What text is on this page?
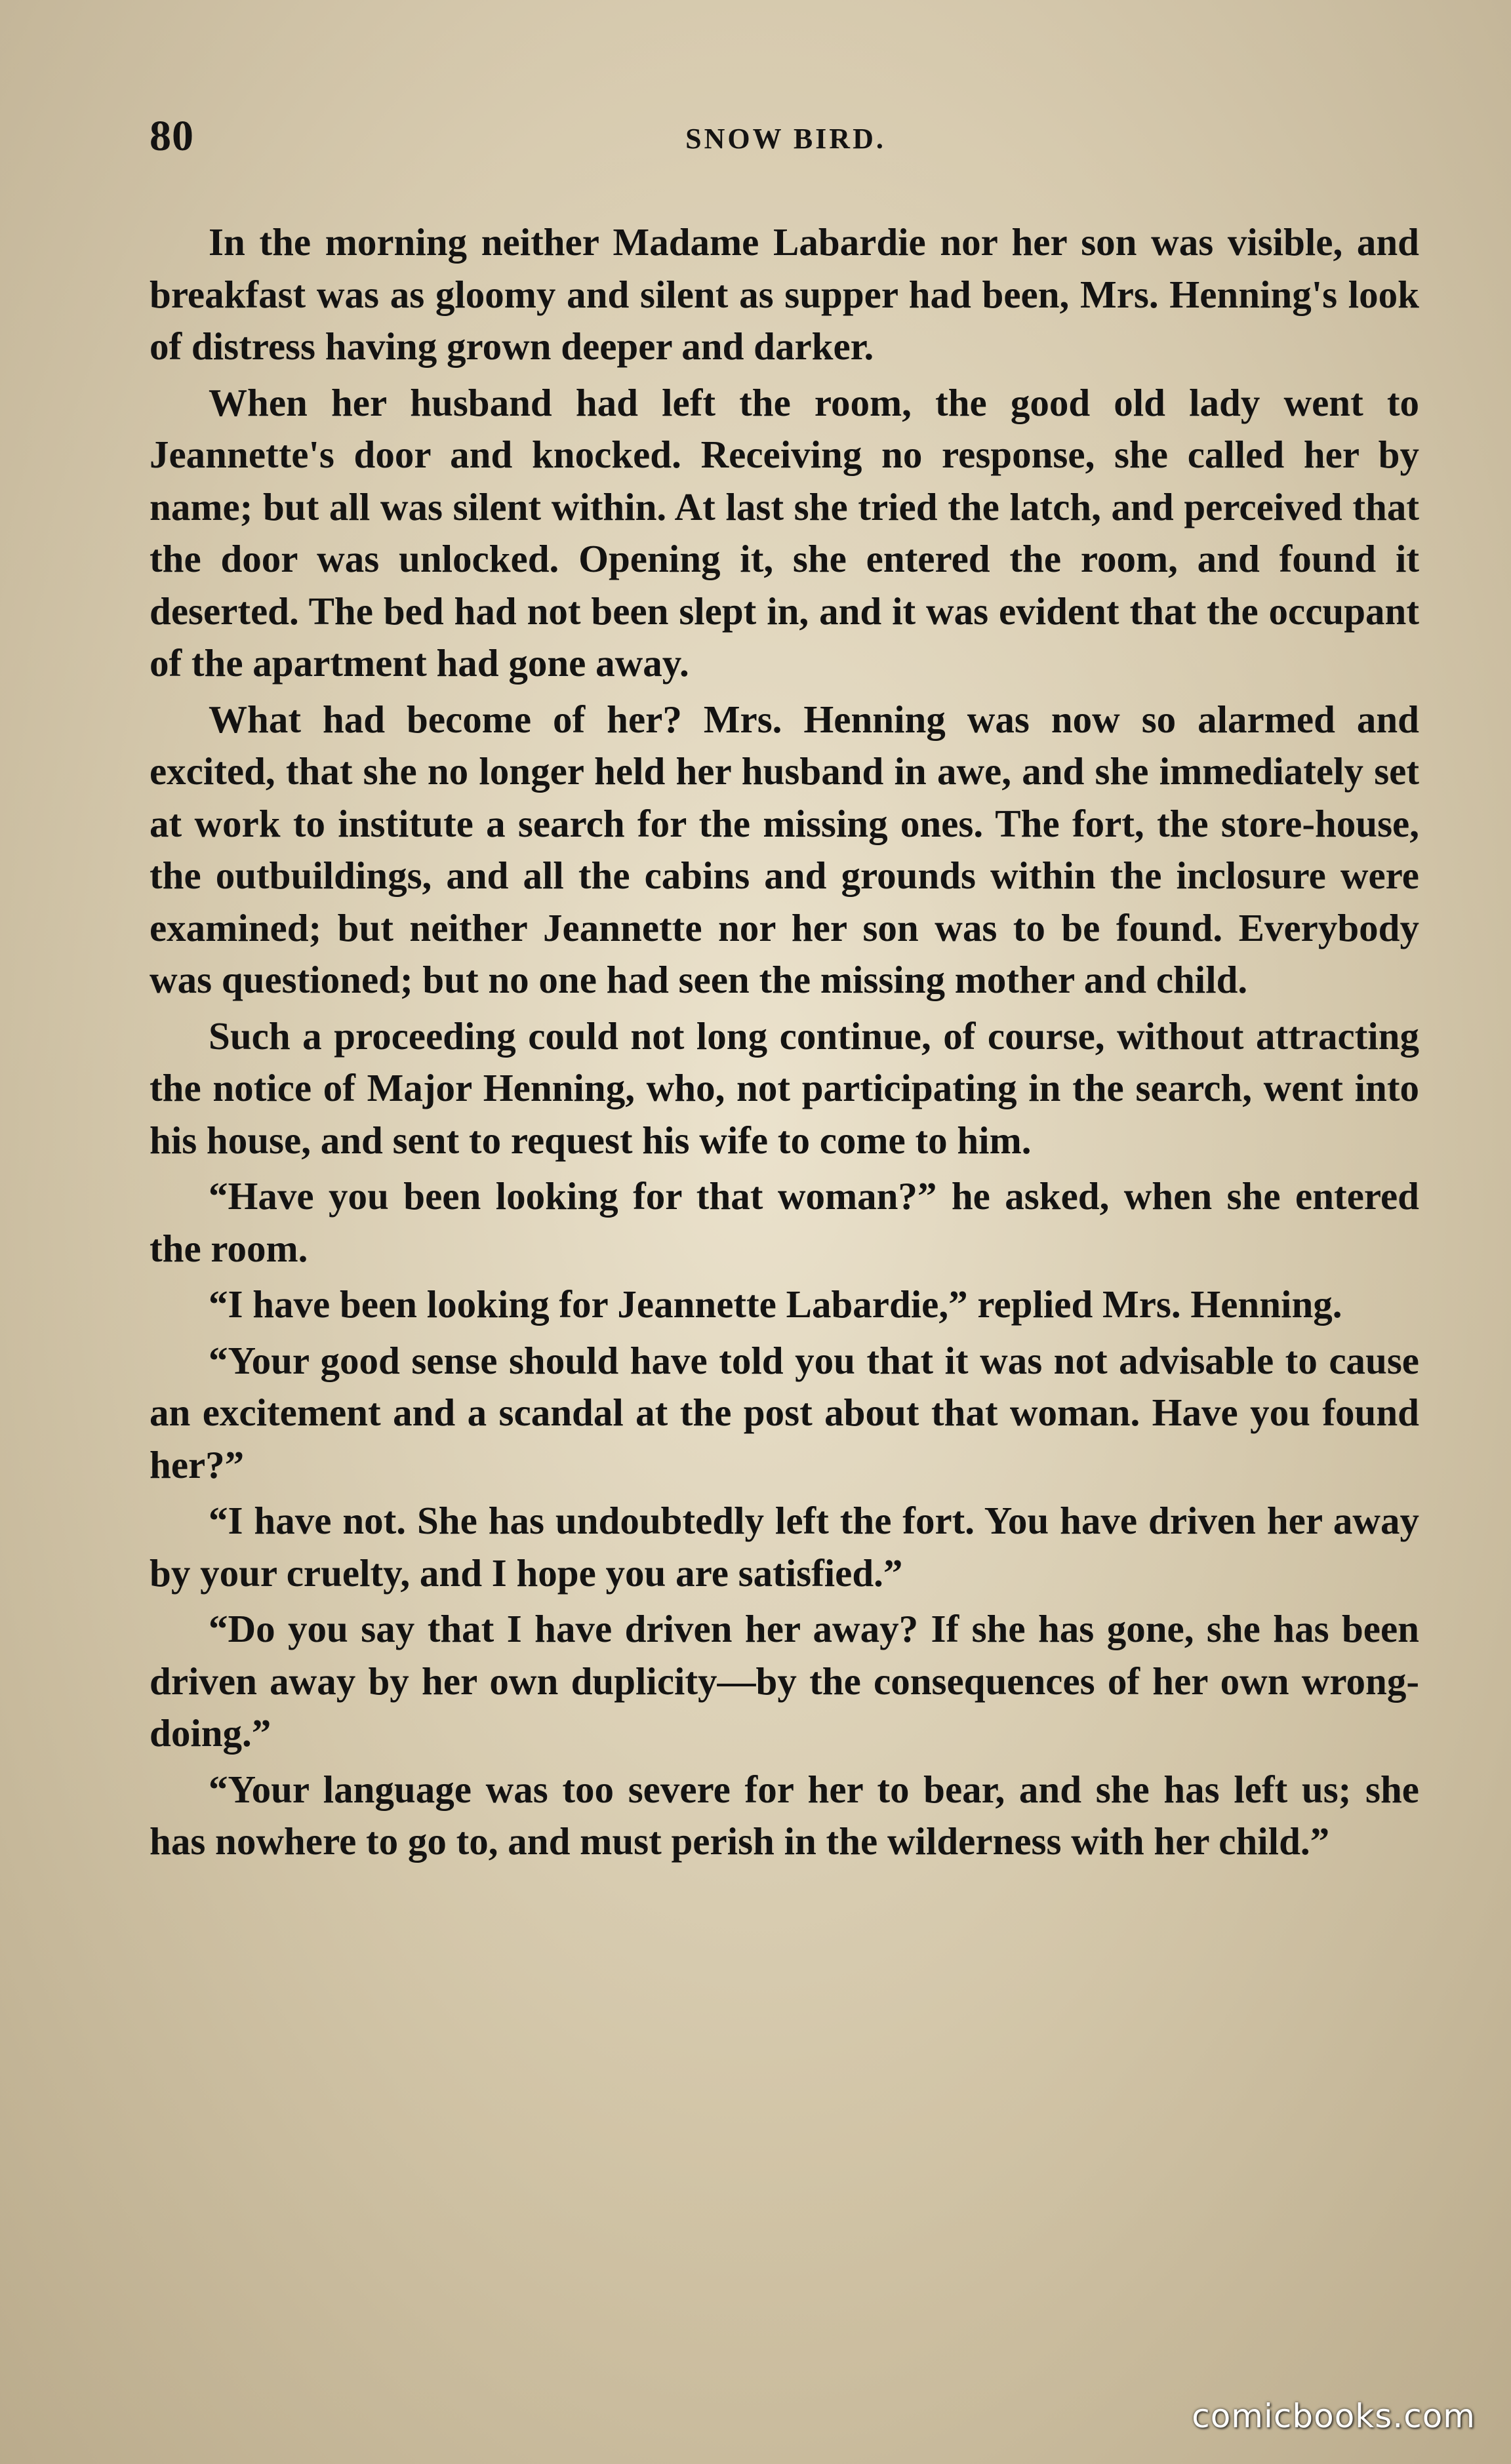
80	SNOW BIRD.

In the morning neither Madame Labardie nor her son was visible, and breakfast was as gloomy and silent as supper had been, Mrs. Henning's look of distress having grown deeper and darker.

When her husband had left the room, the good old lady went to Jeannette's door and knocked. Receiving no response, she called her by name; but all was silent within. At last she tried the latch, and perceived that the door was unlocked. Opening it, she entered the room, and found it deserted. The bed had not been slept in, and it was evident that the occupant of the apartment had gone away.

What had become of her? Mrs. Henning was now so alarmed and excited, that she no longer held her husband in awe, and she immediately set at work to institute a search for the missing ones. The fort, the store-house, the outbuildings, and all the cabins and grounds within the inclosure were examined; but neither Jeannette nor her son was to be found. Everybody was questioned; but no one had seen the missing mother and child.

Such a proceeding could not long continue, of course, without attracting the notice of Major Henning, who, not participating in the search, went into his house, and sent to request his wife to come to him.

“Have you been looking for that woman?” he asked, when she entered the room.

“I have been looking for Jeannette Labardie,” replied Mrs. Henning.

“Your good sense should have told you that it was not advisable to cause an excitement and a scandal at the post about that woman. Have you found her?”

“I have not. She has undoubtedly left the fort. You have driven her away by your cruelty, and I hope you are satisfied.”

“Do you say that I have driven her away? If she has gone, she has been driven away by her own duplicity—by the consequences of her own wrong-doing.”

“Your language was too severe for her to bear, and she has left us; she has nowhere to go to, and must perish in the wilderness with her child.”

comicbooks.com
